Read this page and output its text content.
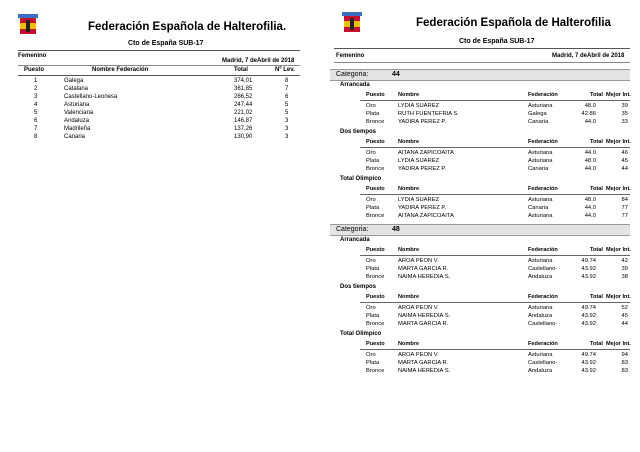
Federación Española de Halterofilia.
Cto de España SUB-17
Femenino
Madrid, 7 deAbril de 2018
Puesto	Nombre Federación	Total	Nº Lev.
1	Galega	374,01	8
2	Catalana	361,85	7
3	Castellano-Leonesa	266,52	6
4	Asturiana	247,44	5
5	Valenciana	221,02	5
6	Andaluza	146,87	3
7	Madrileña	137,26	3
8	Canaria	130,90	3
Federación Española de Halterofilia
Cto de España SUB-17
Femenino	Madrid, 7 deAbril de 2018
Categoria:	44
Arrancada
Puesto Nombre	Federación	Total Mejor Int.
Oro	LYDIA SUAREZ	Asturiana	48.0	39
Plata	RUTH FUENTEFRIA S.	Galega	42.86	35
Bronce YADIRA PEREZ P.	Canaria	44.0	33
Dos tiempos
Puesto Nombre	Federación	Total Mejor Int.
Oro	AITANA ZAPICOAITA	Asturiana	44.0	46
Plata	LYDIA SUAREZ	Asturiana	48.0	45
Bronce YADIRA PEREZ P.	Canaria	44.0	44
Total Olimpico
Puesto Nombre	Federación	Total Mejor Int.
Oro	LYDIA SUAREZ	Asturiana	48.0	84
Plata	YADIRA PEREZ P.	Canaria	44.0	77
Bronce AITANA ZAPICOAITA	Asturiana	44.0	77
Categoria:	48
Arrancada
Puesto Nombre	Federación	Total Mejor Int.
Oro	AROA PEON V.	Asturiana	49.74	42
Plata	MARTA GARCIA R.	Castellano-	43.92	39
Bronce NAIMA HEREDIA S.	Andaluza	43.92	38
Dos tiempos
Puesto Nombre	Federación	Total Mejor Int.
Oro	AROA PEON V.	Asturiana	49.74	52
Plata	NAIMA HEREDIA S.	Andaluza	43.92	45
Bronce MARTA GARCIA R.	Castellano-	43.92	44
Total Olimpico
Puesto Nombre	Federación	Total Mejor Int.
Oro	AROA PEON V.	Asturiana	49.74	94
Plata	MARTA GARCIA R.	Castellano-	43.92	83
Bronce NAIMA HEREDIA S.	Andaluza	43.92	83
